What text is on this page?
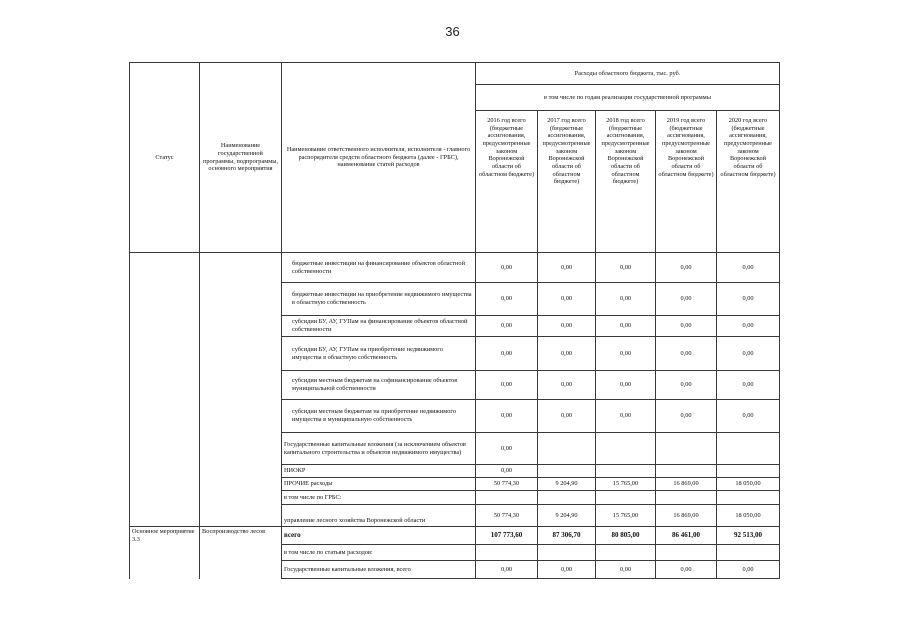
36
Статус	Наименование государственной программы, подпрограммы, основного мероприятия	Наименование ответственного исполнителя, исполнителя - главного распорядителя средств областного бюджета (далее - ГРБС), наименование статей расходов	Расходы областного бюджета, тыс. руб.				
			в том числе по годам реализации государственной программы				
			2016 год всего (бюджетные ассигнования, предусмотренные законом Воронежской области об областном бюджете)	2017 год всего (бюджетные ассигнования, предусмотренные законом Воронежской области об областном бюджете)	2018 год всего (бюджетные ассигнования, предусмотренные законом Воронежской области об областном бюджете)	2019 год всего (бюджетные ассигнования, предусмотренные законом Воронежской области об областном бюджете)	2020 год всего (бюджетные ассигнования, предусмотренные законом Воронежской области об областном бюджете)
		бюджетные инвестиции на финансирование объектов областной собственности	0,00	0,00	0,00	0,00	0,00
		бюджетные инвестиции на приобретение недвижимого имущества в областную собственность	0,00	0,00	0,00	0,00	0,00
		субсидии БУ, АУ, ГУПам на финансирование объектов областной собственности	0,00	0,00	0,00	0,00	0,00
		субсидии БУ, АУ, ГУПам на приобретение недвижимого имущества в областную собственность	0,00	0,00	0,00	0,00	0,00
		субсидии местным бюджетам на софинансирование объектов муниципальной собственности	0,00	0,00	0,00	0,00	0,00
		субсидии местным бюджетам на приобретение недвижимого имущества в муниципальную собственность	0,00	0,00	0,00	0,00	0,00
		Государственные капитальные вложения (за исключением объектов капитального строительства и объектов недвижимого имущества)	0,00				
		НИОКР	0,00				
		ПРОЧИЕ расходы	50 774,30	9 204,90	15 765,00	16 869,00	18 050,00
		в том числе по ГРБС:					
		управление лесного хозяйства Воронежской области	50 774,30	9 204,90	15 765,00	16 869,00	18 050,00
Основное мероприятие 3.3	Воспроизводство лесов	всего	107 773,60	87 306,70	80 805,00	86 461,00	92 513,00
		в том числе по статьям расходов:					
		Государственные капитальные вложения, всего	0,00	0,00	0,00	0,00	0,00
